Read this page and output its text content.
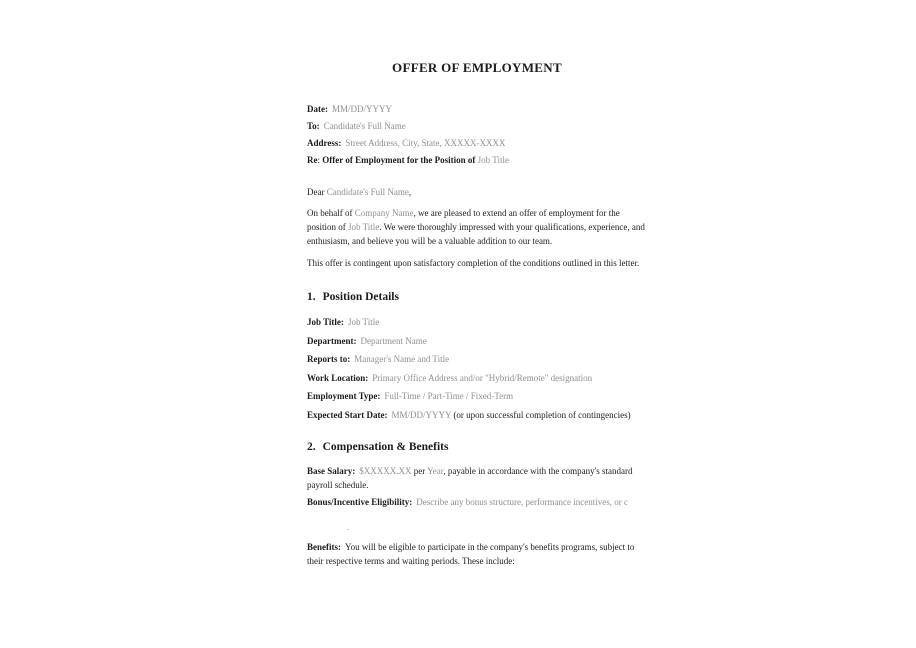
OFFER OF EMPLOYMENT

Date: MM/DD/YYYY

To: Candidate's Full Name

Address: Street Address, City, State, XXXXX-XXXX

Re: Offer of Employment for the Position of Job Title

Dear Candidate's Full Name,

On behalf of Company Name, we are pleased to extend an offer of employment for the position of Job Title. We were thoroughly impressed with your qualifications, experience, and enthusiasm, and believe you will be a valuable addition to our team.

This offer is contingent upon satisfactory completion of the conditions outlined in this letter.

1. Position Details

Job Title: Job Title

Department: Department Name

Reports to: Manager's Name and Title

Work Location: Primary Office Address and/or "Hybrid/Remote" designation

Employment Type: Full-Time / Part-Time / Fixed-Term

Expected Start Date: MM/DD/YYYY (or upon successful completion of contingencies)

2. Compensation & Benefits

Base Salary: $XXXXX.XX per Year, payable in accordance with the company's standard payroll schedule.

Bonus/Incentive Eligibility: Describe any bonus structure, performance incentives, or c

.

Benefits: You will be eligible to participate in the company's benefits programs, subject to their respective terms and waiting periods. These include:
